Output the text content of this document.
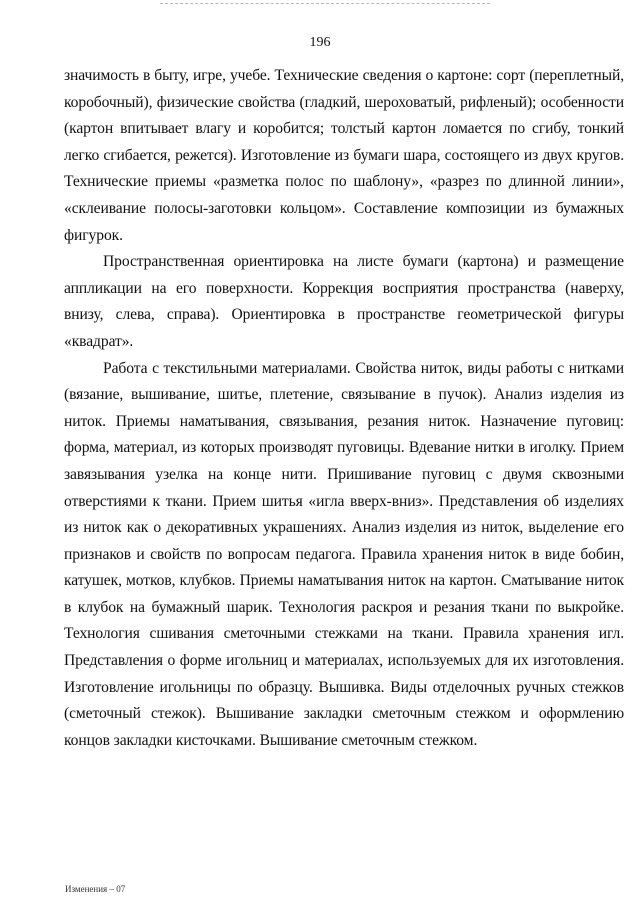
196

значимость в быту, игре, учебе. Технические сведения о картоне: сорт (переплетный, коробочный), физические свойства (гладкий, шероховатый, рифленый); особенности (картон впитывает влагу и коробится; толстый картон ломается по сгибу, тонкий легко сгибается, режется). Изготовление из бумаги шара, состоящего из двух кругов. Технические приемы «разметка полос по шаблону», «разрез по длинной линии», «склеивание полосы-заготовки кольцом». Составление композиции из бумажных фигурок.

Пространственная ориентировка на листе бумаги (картона) и размещение аппликации на его поверхности. Коррекция восприятия пространства (наверху, внизу, слева, справа). Ориентировка в пространстве геометрической фигуры «квадрат».

Работа с текстильными материалами. Свойства ниток, виды работы с нитками (вязание, вышивание, шитье, плетение, связывание в пучок). Анализ изделия из ниток. Приемы наматывания, связывания, резания ниток. Назначение пуговиц: форма, материал, из которых производят пуговицы. Вдевание нитки в иголку. Прием завязывания узелка на конце нити. Пришивание пуговиц с двумя сквозными отверстиями к ткани. Прием шитья «игла вверх-вниз». Представления об изделиях из ниток как о декоративных украшениях. Анализ изделия из ниток, выделение его признаков и свойств по вопросам педагога. Правила хранения ниток в виде бобин, катушек, мотков, клубков. Приемы наматывания ниток на картон. Сматывание ниток в клубок на бумажный шарик. Технология раскроя и резания ткани по выкройке. Технология сшивания сметочными стежками на ткани. Правила хранения игл. Представления о форме игольниц и материалах, используемых для их изготовления. Изготовление игольницы по образцу. Вышивка. Виды отделочных ручных стежков (сметочный стежок). Вышивание закладки сметочным стежком и оформлению концов закладки кисточками. Вышивание сметочным стежком.

Изменения – 07
